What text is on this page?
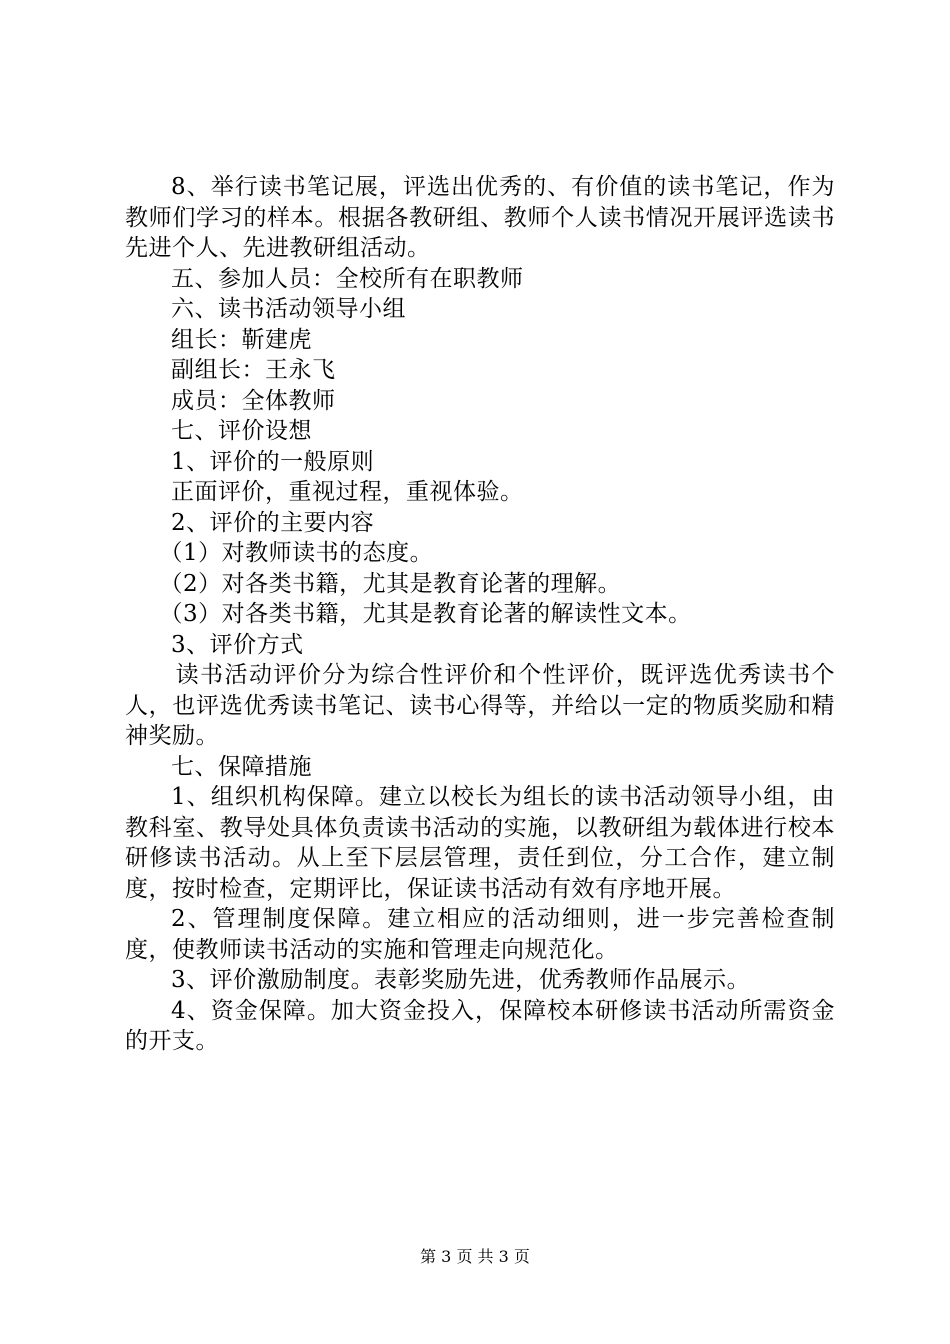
8、举行读书笔记展，评选出优秀的、有价值的读书笔记，作为教师们学习的样本。根据各教研组、教师个人读书情况开展评选读书先进个人、先进教研组活动。

五、参加人员：全校所有在职教师

六、读书活动领导小组

组长：靳建虎

副组长：王永飞

成员：全体教师

七、评价设想

1、评价的一般原则

正面评价，重视过程，重视体验。

2、评价的主要内容

（1）对教师读书的态度。

（2）对各类书籍，尤其是教育论著的理解。

（3）对各类书籍，尤其是教育论著的解读性文本。

3、评价方式

读书活动评价分为综合性评价和个性评价，既评选优秀读书个人，也评选优秀读书笔记、读书心得等，并给以一定的物质奖励和精神奖励。

七、保障措施

1、组织机构保障。建立以校长为组长的读书活动领导小组，由教科室、教导处具体负责读书活动的实施，以教研组为载体进行校本研修读书活动。从上至下层层管理，责任到位，分工合作，建立制度，按时检查，定期评比，保证读书活动有效有序地开展。

2、管理制度保障。建立相应的活动细则，进一步完善检查制度，使教师读书活动的实施和管理走向规范化。

3、评价激励制度。表彰奖励先进，优秀教师作品展示。

4、资金保障。加大资金投入，保障校本研修读书活动所需资金的开支。

第 3 页 共 3 页
